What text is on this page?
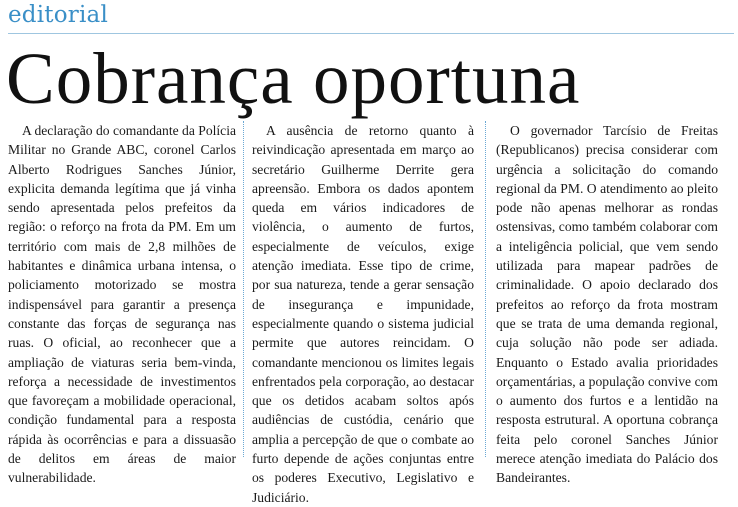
editorial
Cobrança oportuna

A declaração do comandante da Polícia Militar no Grande ABC, coronel Carlos Alberto Rodrigues Sanches Júnior, explicita demanda legítima que já vinha sendo apresentada pelos prefeitos da região: o reforço na frota da PM. Em um território com mais de 2,8 milhões de habitantes e dinâmica urbana intensa, o policiamento motorizado se mostra indispensável para garantir a presença constante das forças de segurança nas ruas. O oficial, ao reconhecer que a ampliação de viaturas seria bem-vinda, reforça a necessidade de investimentos que favoreçam a mobilidade operacional, condição fundamental para a resposta rápida às ocorrências e para a dissuasão de delitos em áreas de maior vulnerabilidade.

A ausência de retorno quanto à reivindicação apresentada em março ao secretário Guilherme Derrite gera apreensão. Embora os dados apontem queda em vários indicadores de violência, o aumento de furtos, especialmente de veículos, exige atenção imediata. Esse tipo de crime, por sua natureza, tende a gerar sensação de insegurança e impunidade, especialmente quando o sistema judicial permite que autores reincidam. O comandante mencionou os limites legais enfrentados pela corporação, ao destacar que os detidos acabam soltos após audiências de custódia, cenário que amplia a percepção de que o combate ao furto depende de ações conjuntas entre os poderes Executivo, Legislativo e Judiciário.

O governador Tarcísio de Freitas (Republicanos) precisa considerar com urgência a solicitação do comando regional da PM. O atendimento ao pleito pode não apenas melhorar as rondas ostensivas, como também colaborar com a inteligência policial, que vem sendo utilizada para mapear padrões de criminalidade. O apoio declarado dos prefeitos ao reforço da frota mostram que se trata de uma demanda regional, cuja solução não pode ser adiada. Enquanto o Estado avalia prioridades orçamentárias, a população convive com o aumento dos furtos e a lentidão na resposta estrutural. A oportuna cobrança feita pelo coronel Sanches Júnior merece atenção imediata do Palácio dos Bandeirantes.
